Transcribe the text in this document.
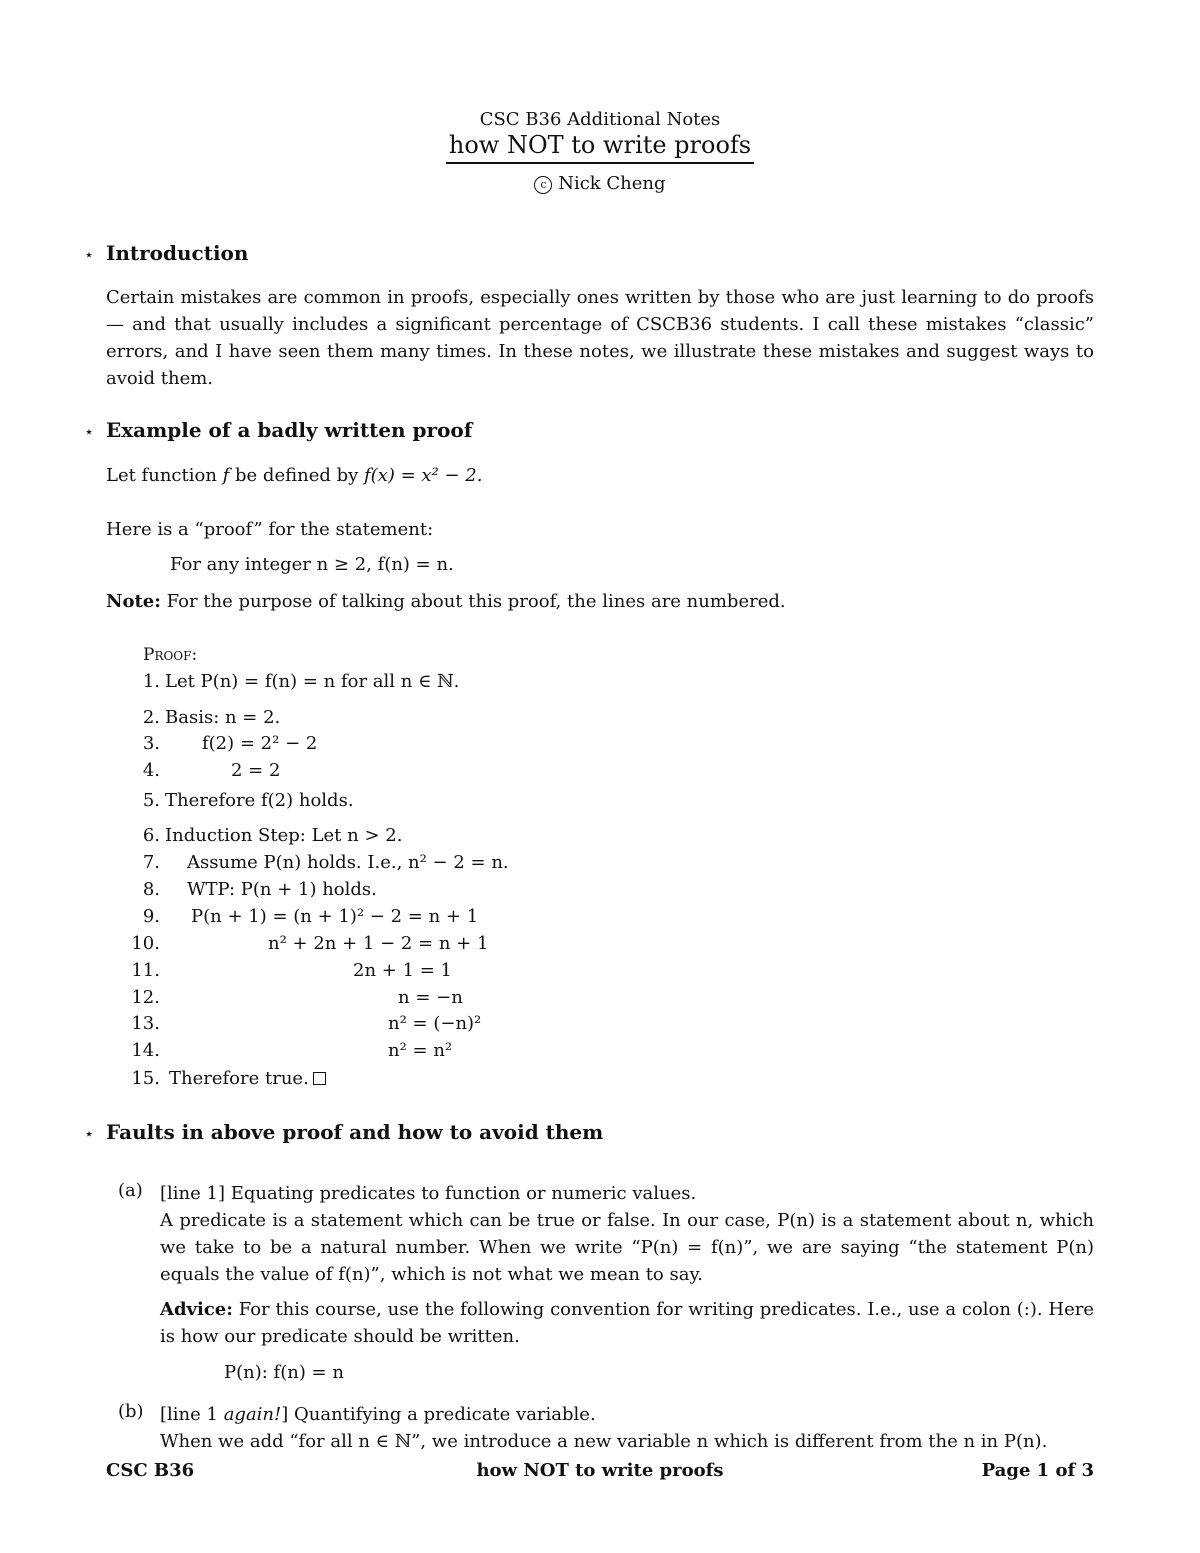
CSC B36 Additional Notes
how NOT to write proofs
c Nick Cheng
⋆ Introduction
Certain mistakes are common in proofs, especially ones written by those who are just learning to do proofs — and that usually includes a significant percentage of CSCB36 students. I call these mistakes “classic” errors, and I have seen them many times. In these notes, we illustrate these mistakes and suggest ways to avoid them.
⋆ Example of a badly written proof
Let function f be defined by f(x) = x² − 2.
Here is a “proof” for the statement:
For any integer n ≥ 2, f(n) = n.
Note: For the purpose of talking about this proof, the lines are numbered.
Proof:
1. Let P(n) = f(n) = n for all n ∈ ℕ.
2. Basis: n = 2.
3. f(2) = 2² − 2
4.	2 = 2
5. Therefore f(2) holds.
6. Induction Step: Let n > 2.
7. Assume P(n) holds. I.e., n² − 2 = n.
8. WTP: P(n + 1) holds.
9. P(n + 1) = (n + 1)² − 2 = n + 1
10.	n² + 2n + 1 − 2 = n + 1
11.	2n + 1 = 1
12.	n = −n
13.	n² = (−n)²
14.	n² = n²
15. Therefore true.
⋆ Faults in above proof and how to avoid them
(a) [line 1] Equating predicates to function or numeric values.
A predicate is a statement which can be true or false. In our case, P(n) is a statement about n, which we take to be a natural number. When we write “P(n) = f(n)”, we are saying “the statement P(n) equals the value of f(n)”, which is not what we mean to say.
Advice: For this course, use the following convention for writing predicates. I.e., use a colon (:). Here is how our predicate should be written.
P(n): f(n) = n
(b) [line 1 again!] Quantifying a predicate variable.
When we add “for all n ∈ ℕ”, we introduce a new variable n which is different from the n in P(n).
CSC B36	how NOT to write proofs	Page 1 of 3
